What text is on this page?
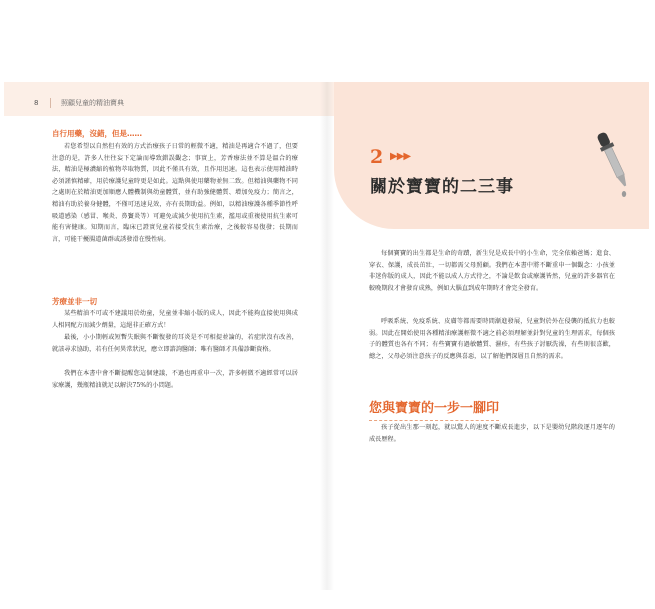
8	照顧兒童的精油寶典
自行用藥，沒錯，但是……

若您希望以自然但有效的方式治療孩子日常的輕微不適，精油是再適合不過了，但要注意的是，許多人往往妄下定論而導致錯誤觀念；事實上，芳香療法並不算是溫合的療法，精油是極濃縮的植物萃取物質，因此不僅具有效，且作用迅速。這也表示使用精油時必須謹慎精確，用於療護兒童時更是如此。這點與使用藥物並無二致。但精油與藥物不同之處則在於精油更加順應人體機制與幼童體質，並有助強健體質、增加免疫力；簡言之，精油有助於養身健體，不僅可迅速見效，亦有長期助益。例如，以精油療護各種季節性呼吸道感染（感冒、喉炎、鼻竇炎等）可避免或減少使用抗生素，濫用或重複使用抗生素可能有害健康。知期而言，臨床已證實兒童若接受抗生素治療，之後較容易復發；長期而言，可能干擾腸道菌群或誘發滑在慢性病。

芳療並非一切

某些精油不可或不建議用於幼童，兒童並非縮小版的成人，因此不能夠直接使用與成人相同配方而減少劑量，這絕非正確方式！

最後，小小期輕或短暫失眠與不斷復發的耳炎是不可相提並論的，若症狀沒有改善，就該尋求協助，若有任何異常狀況，應立即諮詢醫師；唯有醫師才具備診斷資格。

我們在本書中會不斷提醒您這個建議，不過也再重申一次，許多輕微不適經常可以居家療護，幾瓶精油就足以解決75%的小問題。

2 ▶▶▶
關於寶寶的二三事

每個寶寶的出生都是生命的奇蹟，新生兒是成長中的小生命，完全依賴爸媽；進食、穿衣、保護，成長茁壯，一切都需父母照顧。我們在本書中將不斷重申一個觀念：小孩並非迷你版的成人，因此不能以成人方式待之，不論是飲食或療護皆然，兒童的許多器官在較晚期段才會發育成熟，例如大腦直到成年期時才會完全發育。

呼吸系統、免疫系統、皮膚等都需要時間漸進發展，兒童對於外在侵襲的抵抗力也較弱。因此在開始使用各種精油療護輕微不適之前必須理解並針對兒童的生理需求，每個孩子的體質也各有不同；有些寶寶有過敏體質、濕疹，有些孩子討厭洗澡，有些則很喜歡，總之，父母必須注意孩子的反應與喜惡，以了解他們深層且自然的需求。

您與寶寶的一步一腳印

孩子從出生那一刻起，就以驚人的速度不斷成長進步，以下是嬰幼兒階段逐月逐年的成長歷程。
